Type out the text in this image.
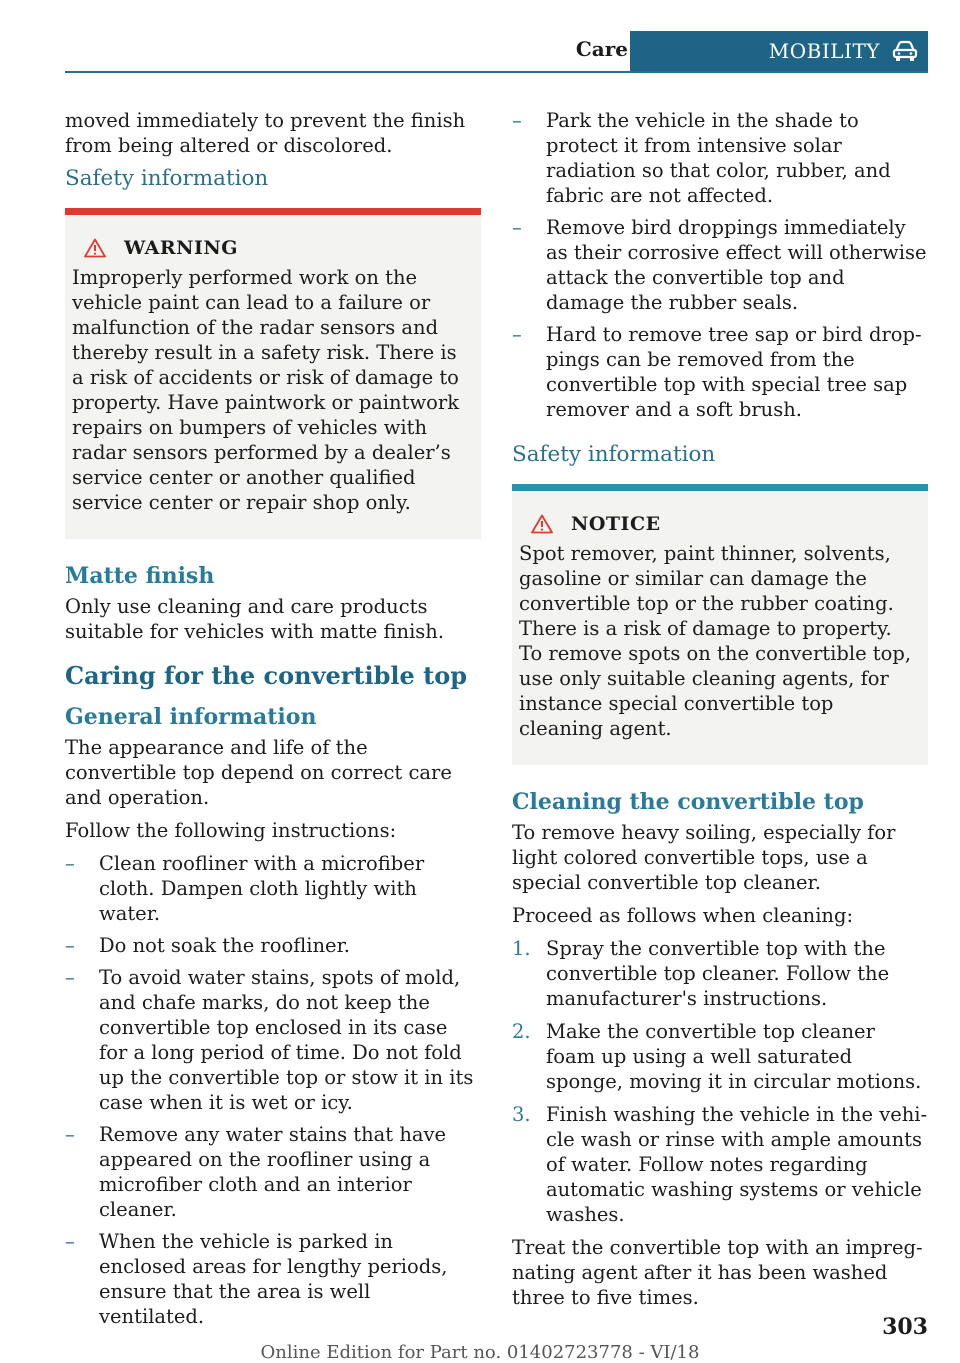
Care	MOBILITY

moved immediately to prevent the finish from being altered or discolored.

Safety information
WARNING

Improperly performed work on the vehicle paint can lead to a failure or malfunction of the radar sensors and thereby result in a safety risk. There is a risk of accidents or risk of damage to property. Have paintwork or paintwork repairs on bumpers of vehicles with radar sensors performed by a dealer’s service center or another qualified service center or repair shop only.

Matte finish

Only use cleaning and care products suitable for vehicles with matte finish.

Caring for the convertible top
General information

The appearance and life of the convertible top depend on correct care and operation.

Follow the following instructions:

– Clean roofliner with a microfiber cloth. Dampen cloth lightly with water.
– Do not soak the roofliner.
– To avoid water stains, spots of mold, and chafe marks, do not keep the convertible top enclosed in its case for a long period of time. Do not fold up the convertible top or stow it in its case when it is wet or icy.
– Remove any water stains that have appeared on the roofliner using a microfiber cloth and an interior cleaner.
– When the vehicle is parked in enclosed areas for lengthy periods, ensure that the area is well ventilated.
– Park the vehicle in the shade to protect it from intensive solar radiation so that color, rubber, and fabric are not affected.
– Remove bird droppings immediately as their corrosive effect will otherwise attack the convertible top and damage the rubber seals.
– Hard to remove tree sap or bird droppings can be removed from the convertible top with special tree sap remover and a soft brush.
Safety information
NOTICE

Spot remover, paint thinner, solvents, gasoline or similar can damage the convertible top or the rubber coating. There is a risk of damage to property. To remove spots on the convertible top, use only suitable cleaning agents, for instance special convertible top cleaning agent.

Cleaning the convertible top

To remove heavy soiling, especially for light colored convertible tops, use a special convertible top cleaner.

Proceed as follows when cleaning:

1. Spray the convertible top with the convertible top cleaner. Follow the manufacturer's instructions.
2. Make the convertible top cleaner foam up using a well saturated sponge, moving it in circular motions.
3. Finish washing the vehicle in the vehicle wash or rinse with ample amounts of water. Follow notes regarding automatic washing systems or vehicle washes.

Treat the convertible top with an impregnating agent after it has been washed three to five times.

303
Online Edition for Part no. 01402723778 - VI/18
